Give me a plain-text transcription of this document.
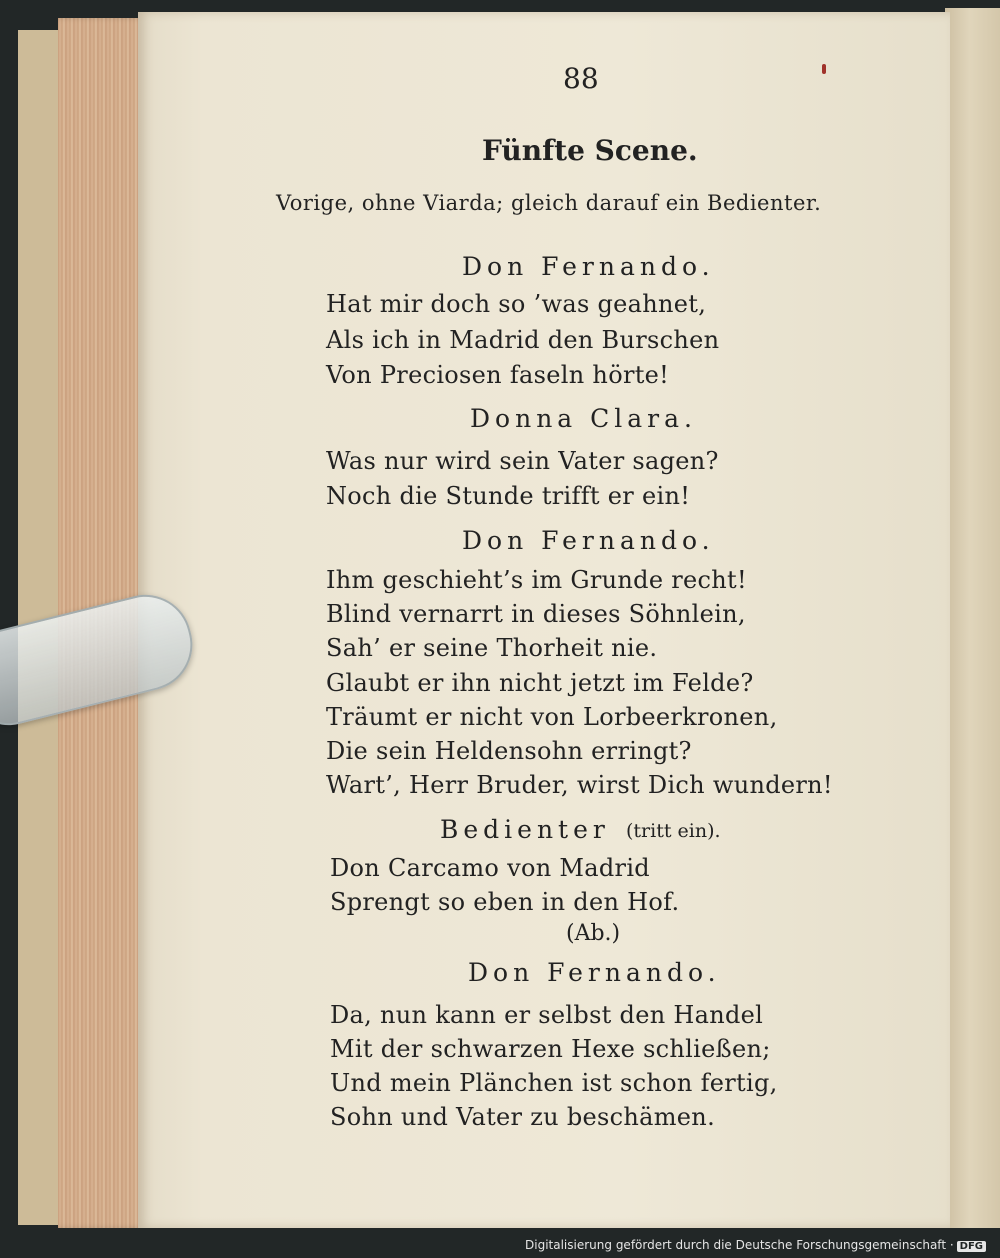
88
Fünfte Scene.
Vorige, ohne Viarda; gleich darauf ein Bedienter.
Don Fernando.
Hat mir doch so ’was geahnet,
Als ich in Madrid den Burschen
Von Preciosen faseln hörte!
Donna Clara.
Was nur wird sein Vater sagen?
Noch die Stunde trifft er ein!
Don Fernando.
Ihm geschieht’s im Grunde recht!
Blind vernarrt in dieses Söhnlein,
Sah’ er seine Thorheit nie.
Glaubt er ihn nicht jetzt im Felde?
Träumt er nicht von Lorbeerkronen,
Die sein Heldensohn erringt?
Wart’, Herr Bruder, wirst Dich wundern!
Bedienter (tritt ein).
Don Carcamo von Madrid
Sprengt so eben in den Hof.
(Ab.)
Don Fernando.
Da, nun kann er selbst den Handel
Mit der schwarzen Hexe schließen;
Und mein Plänchen ist schon fertig,
Sohn und Vater zu beschämen.
Digitalisierung gefördert durch die Deutsche Forschungsgemeinschaft · DFG
